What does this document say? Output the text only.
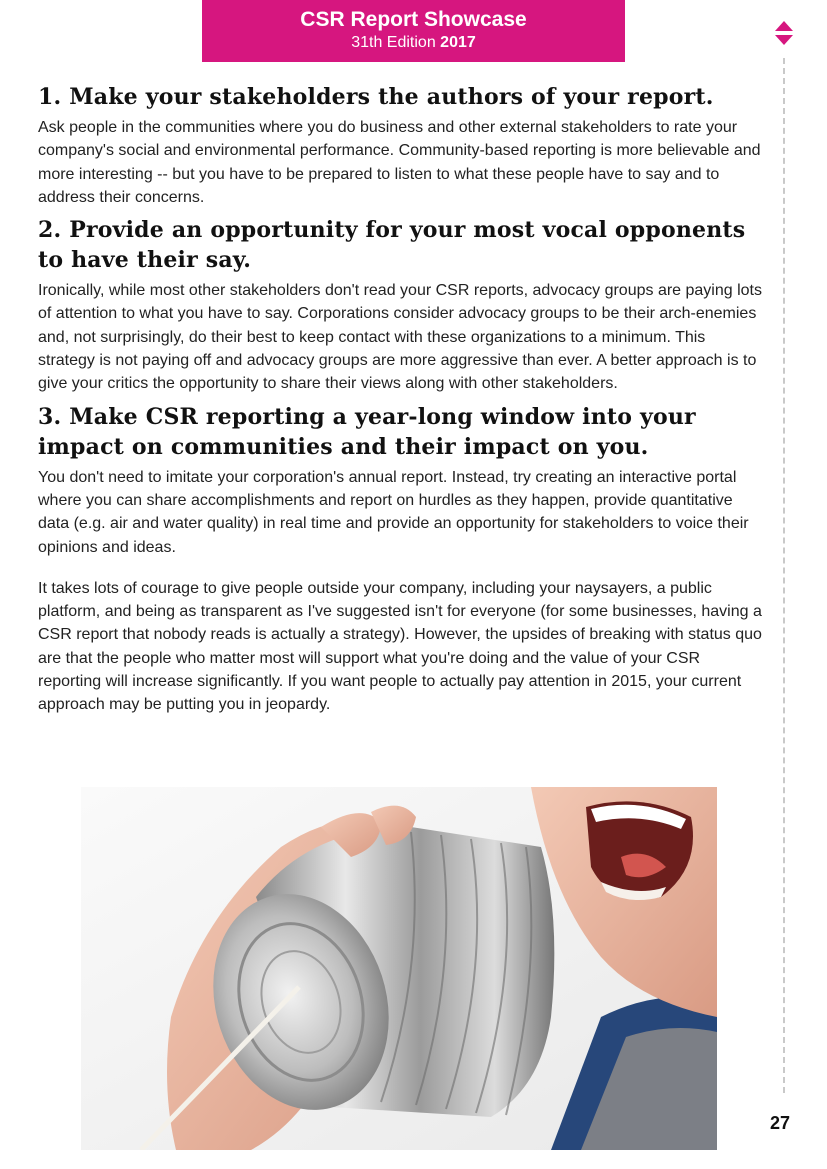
CSR Report Showcase
31th Edition 2017
1. Make your stakeholders the authors of your report.

Ask people in the communities where you do business and other external stakeholders to rate your company's social and environmental performance. Community-based reporting is more believable and more interesting -- but you have to be prepared to listen to what these people have to say and to address their concerns.

2. Provide an opportunity for your most vocal opponents to have their say.

Ironically, while most other stakeholders don't read your CSR reports, advocacy groups are paying lots of attention to what you have to say. Corporations consider advocacy groups to be their arch-enemies and, not surprisingly, do their best to keep contact with these organizations to a minimum. This strategy is not paying off and advocacy groups are more aggressive than ever. A better approach is to give your critics the opportunity to share their views along with other stakeholders.

3. Make CSR reporting a year-long window into your impact on communities and their impact on you.

You don't need to imitate your corporation's annual report. Instead, try creating an interactive portal where you can share accomplishments and report on hurdles as they happen, provide quantitative data (e.g. air and water quality) in real time and provide an opportunity for stakeholders to voice their opinions and ideas.

It takes lots of courage to give people outside your company, including your naysayers, a public platform, and being as transparent as I've suggested isn't for everyone (for some businesses, having a CSR report that nobody reads is actually a strategy). However, the upsides of breaking with status quo are that the people who matter most will support what you're doing and the value of your CSR reporting will increase significantly. If you want people to actually pay attention in 2015, your current approach may be putting you in jeopardy.

27
